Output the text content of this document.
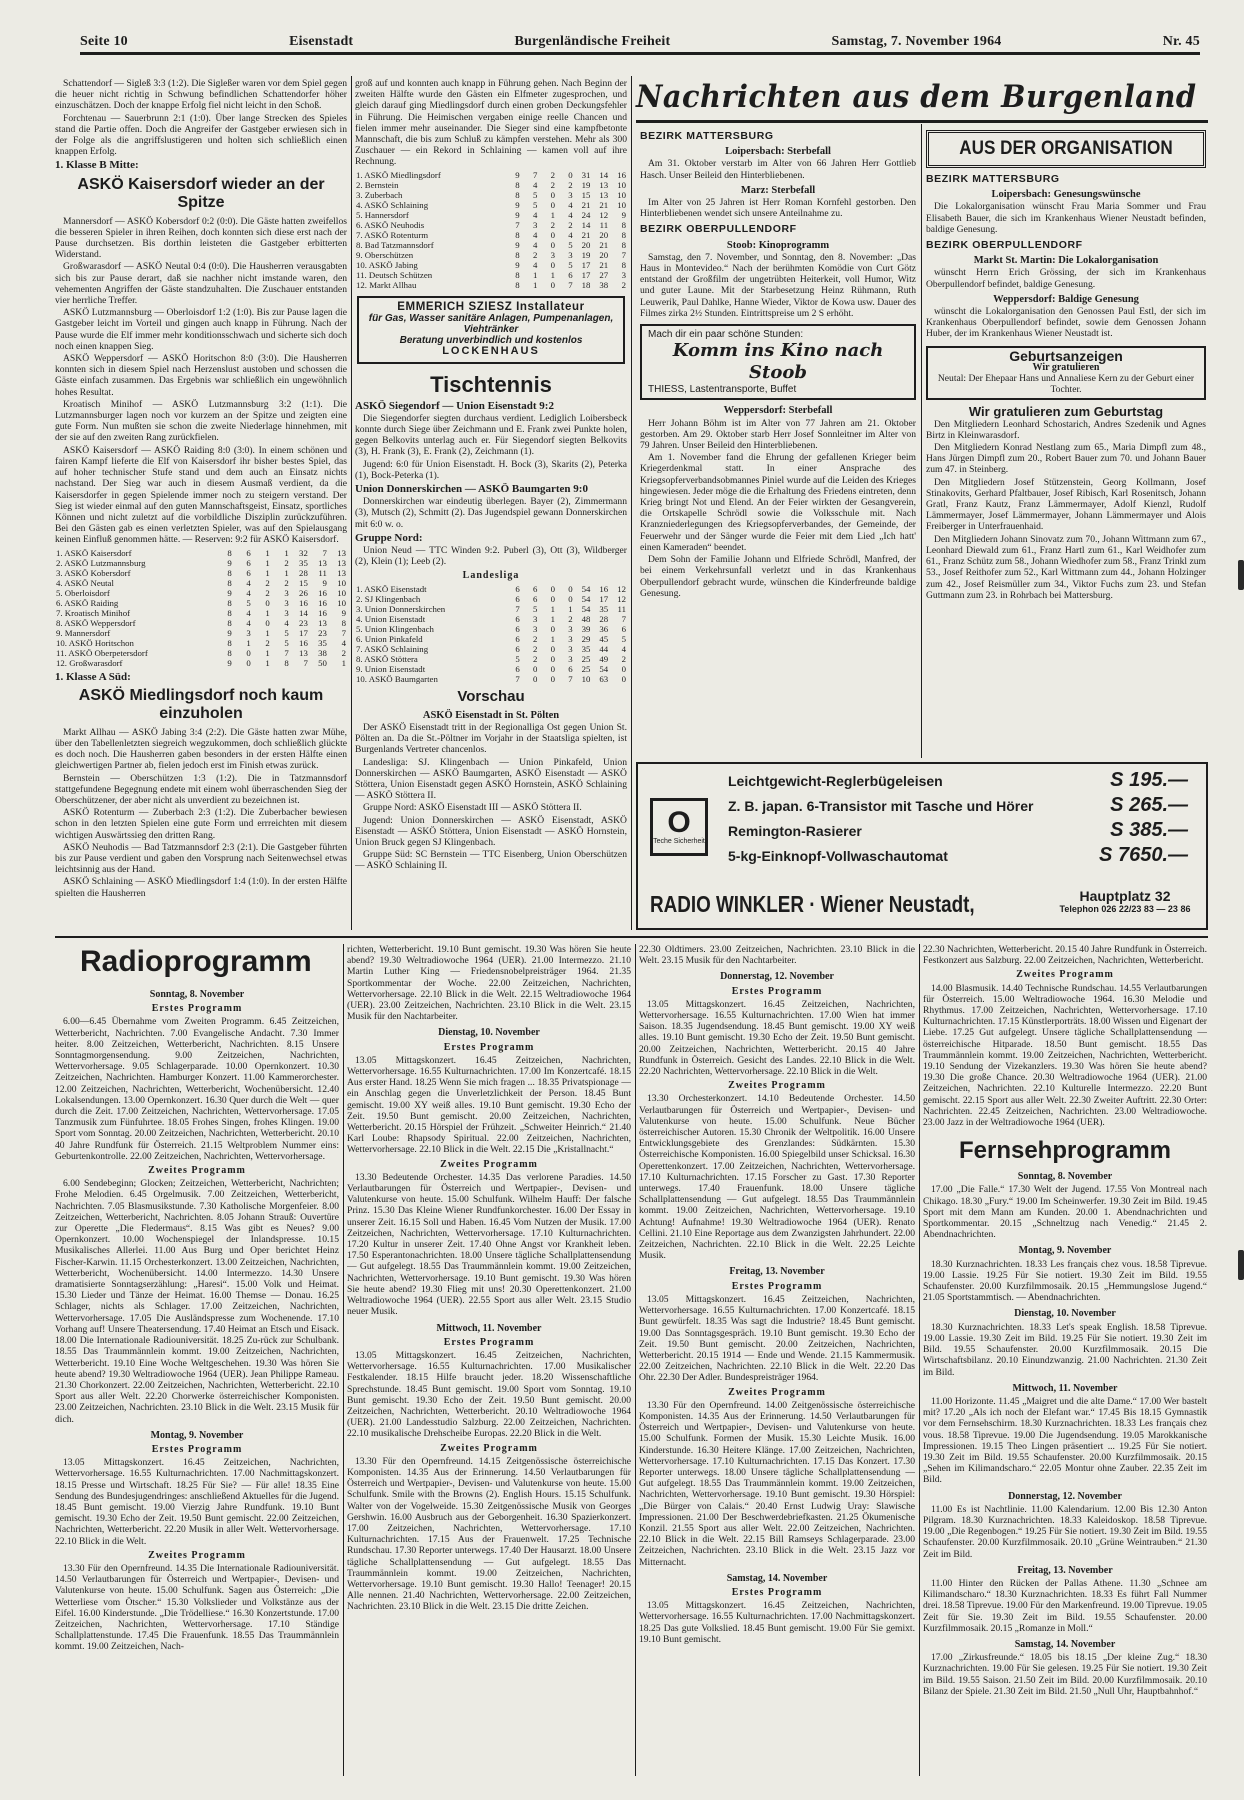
Seite 10	Eisenstadt	Burgenländische Freiheit	Samstag, 7. November 1964	Nr. 45

Schattendorf — Siglеß 3:3 (1:2). Die Sigleßer waren vor dem Spiel gegen die heuer nicht richtig in Schwung befindlichen Schattendorfer höher einzuschätzen. Doch der knappe Erfolg fiel nicht leicht in den Schoß.

Forchtenau — Sauerbrunn 2:1 (1:0). Über lange Strecken des Spieles stand die Partie offen. Doch die Angreifer der Gastgeber erwiesen sich in der Folge als die angriffslustigeren und holten sich schließlich einen knappen Erfolg.

1. Klasse B Mitte:
ASKÖ Kaisersdorf wieder an der Spitze

Mannersdorf — ASKÖ Kobersdorf 0:2 (0:0). Die Gäste hatten zweifellos die besseren Spieler in ihren Reihen, doch konnten sich diese erst nach der Pause durchsetzen. Bis dorthin leisteten die Gastgeber erbitterten Widerstand.

Großwarasdorf — ASKÖ Neutal 0:4 (0:0). Die Hausherren verausgabten sich bis zur Pause derart, daß sie nachher nicht imstande waren, den vehementen Angriffen der Gäste standzuhalten. Die Zuschauer entstanden vier herrliche Treffer.

ASKÖ Lutzmannsburg — Oberloisdorf 1:2 (1:0). Bis zur Pause lagen die Gastgeber leicht im Vorteil und gingen auch knapp in Führung. Nach der Pause wurde die Elf immer mehr konditionsschwach und sicherte sich doch noch einen knappen Sieg.

ASKÖ Weppersdorf — ASKÖ Horitschon 8:0 (3:0). Die Hausherren konnten sich in diesem Spiel nach Herzenslust austoben und schossen die Gäste einfach zusammen. Das Ergebnis war schließlich ein ungewöhnlich hohes Resultat.

Kroatisch Minihof — ASKÖ Lutzmannsburg 3:2 (1:1). Die Lutzmannsburger lagen noch vor kurzem an der Spitze und zeigten eine gute Form. Nun mußten sie schon die zweite Niederlage hinnehmen, mit der sie auf den zweiten Rang zurückfielen.

ASKÖ Kaisersdorf — ASKÖ Raiding 8:0 (3:0). In einem schönen und fairen Kampf lieferte die Elf von Kaisersdorf ihr bisher bestes Spiel, das auf hoher technischer Stufe stand und dem auch an Einsatz nichts nachstand. Der Sieg war auch in diesem Ausmaß verdient, da die Kaisersdorfer in gegen Spielende immer noch zu steigern verstand. Der Sieg ist wieder einmal auf den guten Mannschaftsgeist, Einsatz, sportliches Können und nicht zuletzt auf die vorbildliche Disziplin zurückzuführen. Bei den Gästen gab es einen verletzten Spieler, was auf den Spielausgang keinen Einfluß genommen hätte. — Reserven: 9:2 für ASKÖ Kaisersdorf.

1. ASKÖ Kaisersdorf	8	6	1	1	32	7	13
2. ASKÖ Lutzmannsburg	9	6	1	2	35	13	13
3. ASKÖ Kobersdorf	8	6	1	1	28	11	13
4. ASKÖ Neutal	8	4	2	2	15	9	10
5. Oberloisdorf	9	4	2	3	26	16	10
6. ASKÖ Raiding	8	5	0	3	16	16	10
7. Kroatisch Minihof	8	4	1	3	14	16	9
8. ASKÖ Weppersdorf	8	4	0	4	23	13	8
9. Mannersdorf	9	3	1	5	17	23	7
10. ASKÖ Horitschon	8	1	2	5	16	35	4
11. ASKÖ Oberpetersdorf	8	0	1	7	13	38	2
12. Großwarasdorf	9	0	1	8	7	50	1
1. Klasse A Süd:
ASKÖ Miedlingsdorf noch kaum einzuholen

Markt Allhau — ASKÖ Jabing 3:4 (2:2). Die Gäste hatten zwar Mühe, über den Tabellenletzten siegreich wegzukommen, doch schließlich glückte es doch noch. Die Hausherren gaben besonders in der ersten Hälfte einen gleichwertigen Partner ab, fielen jedoch erst im Finish etwas zurück.

Bernstein — Oberschützen 1:3 (1:2). Die in Tatzmannsdorf stattgefundene Begegnung endete mit einem wohl überraschenden Sieg der Oberschützener, der aber nicht als unverdient zu bezeichnen ist.

ASKÖ Rotenturm — Zuberbach 2:3 (1:2). Die Zuberbacher bewiesen schon in den letzten Spielen eine gute Form und errreichten mit diesem wichtigen Auswärtssieg den dritten Rang.

ASKÖ Neuhodis — Bad Tatzmannsdorf 2:3 (2:1). Die Gastgeber führten bis zur Pause verdient und gaben den Vorsprung nach Seitenwechsel etwas leichtsinnig aus der Hand.

ASKÖ Schlaining — ASKÖ Miedlingsdorf 1:4 (1:0). In der ersten Hälfte spielten die Hausherren

groß auf und konnten auch knapp in Führung gehen. Nach Beginn der zweiten Hälfte wurde den Gästen ein Elfmeter zugesprochen, und gleich darauf ging Miedlingsdorf durch einen groben Deckungsfehler in Führung. Die Heimischen vergaben einige reelle Chancen und fielen immer mehr auseinander. Die Sieger sind eine kampfbetonte Mannschaft, die bis zum Schluß zu kämpfen verstehen. Mehr als 300 Zuschauer — ein Rekord in Schlaining — kamen voll auf ihre Rechnung.

1. ASKÖ Miedlingsdorf	9	7	2	0	31	14	16
2. Bernstein	8	4	2	2	19	13	10
3. Zuberbach	8	5	0	3	15	13	10
4. ASKÖ Schlaining	9	5	0	4	21	21	10
5. Hannersdorf	9	4	1	4	24	12	9
6. ASKÖ Neuhodis	7	3	2	2	14	11	8
7. ASKÖ Rotenturm	8	4	0	4	21	20	8
8. Bad Tatzmannsdorf	9	4	0	5	20	21	8
9. Oberschützen	8	2	3	3	19	20	7
10. ASKÖ Jabing	9	4	0	5	17	21	8
11. Deutsch Schützen	8	1	1	6	17	27	3
12. Markt Allhau	8	1	0	7	18	38	2
EMMERICH SZIESZ Installateur
für Gas, Wasser sanitäre Anlagen, Pumpenanlagen, Viehtränker
Beratung unverbindlich und kostenlos
LOCKENHAUS
Tischtennis
ASKÖ Siegendorf — Union Eisenstadt 9:2

Die Siegendorfer siegten durchaus verdient. Lediglich Loibersbeck konnte durch Siege über Zeichmann und E. Frank zwei Punkte holen, gegen Belkovits unterlag auch er. Für Siegendorf siegten Belkovits (3), H. Frank (3), E. Frank (2), Zeichmann (1).

Jugend: 6:0 für Union Eisenstadt. H. Bock (3), Skarits (2), Peterka (1), Bock-Peterka (1).

Union Donnerskirchen — ASKÖ Baumgarten 9:0

Donnerskirchen war eindeutig überlegen. Bayer (2), Zimmermann (3), Mutsch (2), Schmitt (2). Das Jugendspiel gewann Donnerskirchen mit 6:0 w. o.

Gruppe Nord:

Union Neud — TTC Winden 9:2. Puberl (3), Ott (3), Wildberger (2), Klein (1); Leeb (2).

Landesliga
1. ASKÖ Eisenstadt	6	6	0	0	54	16	12
2. SJ Klingenbach	6	6	0	0	54	17	12
3. Union Donnerskirchen	7	5	1	1	54	35	11
4. Union Eisenstadt	6	3	1	2	48	28	7
5. Union Klingenbach	6	3	0	3	39	36	6
6. Union Pinkafeld	6	2	1	3	29	45	5
7. ASKÖ Schlaining	6	2	0	3	35	44	4
8. ASKÖ Stöttera	5	2	0	3	25	49	2
9. Union Eisenstadt	6	0	0	6	25	54	0
10. ASKÖ Baumgarten	7	0	0	7	10	63	0
Vorschau
ASKÖ Eisenstadt in St. Pölten

Der ASKÖ Eisenstadt tritt in der Regionalliga Ost gegen Union St. Pölten an. Da die St.-Pöltner im Vorjahr in der Staatsliga spielten, ist Burgenlands Vertreter chancenlos.

Landesliga: SJ. Klingenbach — Union Pinkafeld, Union Donnerskirchen — ASKÖ Baumgarten, ASKÖ Eisenstadt — ASKÖ Stöttera, Union Eisenstadt gegen ASKÖ Hornstein, ASKÖ Schlaining — ASKÖ Stöttera II.

Gruppe Nord: ASKÖ Eisenstadt III — ASKÖ Stöttera II.

Jugend: Union Donnerskirchen — ASKÖ Eisenstadt, ASKÖ Eisenstadt — ASKÖ Stöttera, Union Eisenstadt — ASKÖ Hornstein, Union Bruck gegen SJ Klingenbach.

Gruppe Süd: SC Bernstein — TTC Eisenberg, Union Oberschützen — ASKÖ Schlaining II.

Nachrichten aus dem Burgenland
BEZIRK MATTERSBURG
Loipersbach: Sterbefall

Am 31. Oktober verstarb im Alter von 66 Jahren Herr Gottlieb Hasch. Unser Beileid den Hinterbliebenen.

Marz: Sterbefall

Im Alter von 25 Jahren ist Herr Roman Kornfehl gestorben. Den Hinterbliebenen wendet sich unsere Anteilnahme zu.

BEZIRK OBERPULLENDORF
Stoob: Kinoprogramm

Samstag, den 7. November, und Sonntag, den 8. November: „Das Haus in Montevideo.“ Nach der berühmten Komödie von Curt Götz entstand der Großfilm der ungetrübten Heiterkeit, voll Humor, Witz und guter Laune. Mit der Starbesetzung Heinz Rühmann, Ruth Leuwerik, Paul Dahlke, Hanne Wieder, Viktor de Kowa usw. Dauer des Filmes zirka 2½ Stunden. Eintrittspreise um 2 S erhöht.

Mach dir ein paar schöne Stunden:
Komm ins Kino nach Stoob
THIESS, Lastentransporte, Buffet
Weppersdorf: Sterbefall

Herr Johann Böhm ist im Alter von 77 Jahren am 21. Oktober gestorben. Am 29. Oktober starb Herr Josef Sonnleitner im Alter von 79 Jahren. Unser Beileid den Hinterbliebenen.

Am 1. November fand die Ehrung der gefallenen Krieger beim Kriegerdenkmal statt. In einer Ansprache des Kriegsopferverbandsobmannes Piniel wurde auf die Leiden des Krieges hingewiesen. Jeder möge die die Erhaltung des Friedens eintreten, denn Krieg bringt Not und Elend. An der Feier wirkten der Gesangverein, die Ortskapelle Schrödl sowie die Volksschule mit. Nach Kranzniederlegungen des Kriegsopferverbandes, der Gemeinde, der Feuerwehr und der Sänger wurde die Feier mit dem Lied „Ich hatt' einen Kameraden“ beendet.

Dem Sohn der Familie Johann und Elfriede Schrödl, Manfred, der bei einem Verkehrsunfall verletzt und in das Krankenhaus Oberpullendorf gebracht wurde, wünschen die Kinderfreunde baldige Genesung.

AUS DER ORGANISATION
BEZIRK MATTERSBURG
Loipersbach: Genesungswünsche

Die Lokalorganisation wünscht Frau Maria Sommer und Frau Elisabeth Bauer, die sich im Krankenhaus Wiener Neustadt befinden, baldige Genesung.

BEZIRK OBERPULLENDORF
Markt St. Martin: Die Lokalorganisation

wünscht Herrn Erich Grössing, der sich im Krankenhaus Oberpullendorf befindet, baldige Genesung.

Weppersdorf: Baldige Genesung

wünscht die Lokalorganisation den Genossen Paul Estl, der sich im Krankenhaus Oberpullendorf befindet, sowie dem Genossen Johann Huber, der im Krankenhaus Wiener Neustadt ist.

Geburtsanzeigen
Wir gratulieren
Neutal: Der Ehepaar Hans und Annaliese Kern zu der Geburt einer Tochter.
Wir gratulieren zum Geburtstag

Den Mitgliedern Leonhard Schostarich, Andres Szedenik und Agnes Birtz in Kleinwarasdorf.

Den Mitgliedern Konrad Nestlang zum 65., Maria Dimpfl zum 48., Hans Jürgen Dimpfl zum 20., Robert Bauer zum 70. und Johann Bauer zum 47. in Steinberg.

Den Mitgliedern Josef Stützenstein, Georg Kollmann, Josef Stinakovits, Gerhard Pfaltbauer, Josef Ribisch, Karl Rosenitsch, Johann Gratl, Franz Kautz, Franz Lämmermayer, Adolf Kienzl, Rudolf Lämmermayer, Josef Lämmermayer, Johann Lämmermayer und Alois Freiberger in Unterfrauenhaid.

Den Mitgliedern Johann Sinovatz zum 70., Johann Wittmann zum 67., Leonhard Diewald zum 61., Franz Hartl zum 61., Karl Weidhofer zum 61., Franz Schütz zum 58., Johann Wiedhofer zum 58., Franz Trinkl zum 53., Josef Reithofer zum 52., Karl Wittmann zum 44., Johann Holzinger zum 42., Josef Reismüller zum 34., Viktor Fuchs zum 23. und Stefan Guttmann zum 23. in Rohrbach bei Mattersburg.

O
Teche Sicherheit
Leichtgewicht-Reglerbügeleisen	S 195.—
Z. B. japan. 6-Transistor mit Tasche und Hörer	S 265.—
Remington-Rasierer	S 385.—
5-kg-Einknopf-Vollwaschautomat	S 7650.—
RADIO WINKLER · Wiener Neustadt,	Hauptplatz 32
Telephon 026 22/23 83 — 23 86
Radioprogramm
Sonntag, 8. November
Erstes Programm

6.00—6.45 Übernahme vom Zweiten Programm. 6.45 Zeitzeichen, Wetterbericht, Nachrichten. 7.00 Evangelische Andacht. 7.30 Immer heiter. 8.00 Zeitzeichen, Wetterbericht, Nachrichten. 8.15 Unsere Sonntagmorgensendung. 9.00 Zeitzeichen, Nachrichten, Wettervorhersage. 9.05 Schlagerparade. 10.00 Opernkonzert. 10.30 Zeitzeichen, Nachrichten. Hamburger Konzert. 11.00 Kammerorchester. 12.00 Zeitzeichen, Nachrichten, Wetterbericht, Wochenübersicht. 12.40 Lokalsendungen. 13.00 Opernkonzert. 16.30 Quer durch die Welt — quer durch die Zeit. 17.00 Zeitzeichen, Nachrichten, Wettervorhersage. 17.05 Tanzmusik zum Fünfuhrtee. 18.05 Frohes Singen, frohes Klingen. 19.00 Sport vom Sonntag. 20.00 Zeitzeichen, Nachrichten, Wetterbericht. 20.10 40 Jahre Rundfunk für Österreich. 21.15 Weltproblem Nummer eins: Geburtenkontrolle. 22.00 Zeitzeichen, Nachrichten, Wettervorhersage.

Zweites Programm

6.00 Sendebeginn; Glocken; Zeitzeichen, Wetterbericht, Nachrichten; Frohe Melodien. 6.45 Orgelmusik. 7.00 Zeitzeichen, Wetterbericht, Nachrichten. 7.05 Blasmusikstunde. 7.30 Katholische Morgenfeier. 8.00 Zeitzeichen, Wetterbericht, Nachrichten. 8.05 Johann Strauß: Ouvertüre zur Operette „Die Fledermaus“. 8.15 Was gibt es Neues? 9.00 Opernkonzert. 10.00 Wochenspiegel der Inlandspresse. 10.15 Musikalisches Allerlei. 11.00 Aus Burg und Oper berichtet Heinz Fischer-Karwin. 11.15 Orchesterkonzert. 13.00 Zeitzeichen, Nachrichten, Wetterbericht, Wochenübersicht. 14.00 Intermezzo. 14.30 Unsere dramatisierte Sonntagserzählung: „Haresi“. 15.00 Volk und Heimat. 15.30 Lieder und Tänze der Heimat. 16.00 Themse — Donau. 16.25 Schlager, nichts als Schlager. 17.00 Zeitzeichen, Nachrichten, Wettervorhersage. 17.05 Die Ausländspresse zum Wochenende. 17.10 Vorhang auf! Unsere Theatersendung. 17.40 Heimat an Etsch und Eisack. 18.00 Die Internationale Radiouniversität. 18.25 Zu-rück zur Schulbank. 18.55 Das Traummännlein kommt. 19.00 Zeitzeichen, Nachrichten, Wetterbericht. 19.10 Eine Woche Weltgeschehen. 19.30 Was hören Sie heute abend? 19.30 Weltradiowoche 1964 (UER). Jean Philippe Rameau. 21.30 Chorkonzert. 22.00 Zeitzeichen, Nachrichten, Wetterbericht. 22.10 Sport aus aller Welt. 22.20 Chorwerke österreichischer Komponisten. 23.00 Zeitzeichen, Nachrichten. 23.10 Blick in die Welt. 23.15 Musik für dich.

Montag, 9. November
Erstes Programm

13.05 Mittagskonzert. 16.45 Zeitzeichen, Nachrichten, Wettervorhersage. 16.55 Kulturnachrichten. 17.00 Nachmittagskonzert. 18.15 Presse und Wirtschaft. 18.25 Für Sie? — Für alle! 18.35 Eine Sendung des Bundesjugendringes: anschließend Aktuelles für die Jugend. 18.45 Bunt gemischt. 19.00 Vierzig Jahre Rundfunk. 19.10 Bunt gemischt. 19.30 Echo der Zeit. 19.50 Bunt gemischt. 22.00 Zeitzeichen, Nachrichten, Wetterbericht. 22.20 Musik in aller Welt. Wettervorhersage. 22.10 Blick in die Welt.

Zweites Programm

13.30 Für den Opernfreund. 14.35 Die Internationale Radiouniversität. 14.50 Verlautbarungen für Österreich und Wertpapier-, Devisen- und Valutenkurse von heute. 15.00 Schulfunk. Sagen aus Österreich: „Die Wetterliese vom Ötscher.“ 15.30 Volkslieder und Volkstänze aus der Eifel. 16.00 Kinderstunde. „Die Trödelliese.“ 16.30 Konzertstunde. 17.00 Zeitzeichen, Nachrichten, Wettervorhersage. 17.10 Ständige Schallplattenstunde. 17.45 Die Frauenfunk. 18.55 Das Traummännlein kommt. 19.00 Zeitzeichen, Nach-

richten, Wetterbericht. 19.10 Bunt gemischt. 19.30 Was hören Sie heute abend? 19.30 Weltradiowoche 1964 (UER). 21.00 Intermezzo. 21.10 Martin Luther King — Friedensnobelpreisträger 1964. 21.35 Sportkommentar der Woche. 22.00 Zeitzeichen, Nachrichten, Wettervorhersage. 22.10 Blick in die Welt. 22.15 Weltradiowoche 1964 (UER). 23.00 Zeitzeichen, Nachrichten. 23.10 Blick in die Welt. 23.15 Musik für den Nachtarbeiter.

Dienstag, 10. November
Erstes Programm

13.05 Mittagskonzert. 16.45 Zeitzeichen, Nachrichten, Wettervorhersage. 16.55 Kulturnachrichten. 17.00 Im Konzertcafé. 18.15 Aus erster Hand. 18.25 Wenn Sie mich fragen ... 18.35 Privatspionage — ein Anschlag gegen die Unverletzlichkeit der Person. 18.45 Bunt gemischt. 19.00 XY weiß alles. 19.10 Bunt gemischt. 19.30 Echo der Zeit. 19.50 Bunt gemischt. 20.00 Zeitzeichen, Nachrichten, Wetterbericht. 20.15 Hörspiel der Frühzeit. „Schweiter Heinrich.“ 21.40 Karl Loube: Rhapsody Spiritual. 22.00 Zeitzeichen, Nachrichten, Wettervorhersage. 22.10 Blick in die Welt. 22.15 Die „Kristallnacht.“

Zweites Programm

13.30 Bedeutende Orchester. 14.35 Das verlorene Paradies. 14.50 Verlautbarungen für Österreich und Wertpapier-, Devisen- und Valutenkurse von heute. 15.00 Schulfunk. Wilhelm Hauff: Der falsche Prinz. 15.30 Das Kleine Wiener Rundfunkorchester. 16.00 Der Essay in unserer Zeit. 16.15 Soll und Haben. 16.45 Vom Nutzen der Musik. 17.00 Zeitzeichen, Nachrichten, Wettervorhersage. 17.10 Kulturnachrichten. 17.20 Kultur in unserer Zeit. 17.40 Ohne Angst vor Krankheit leben. 17.50 Esperantonachrichten. 18.00 Unsere tägliche Schallplattensendung — Gut aufgelegt. 18.55 Das Traummännlein kommt. 19.00 Zeitzeichen, Nachrichten, Wettervorhersage. 19.10 Bunt gemischt. 19.30 Was hören Sie heute abend? 19.30 Flieg mit uns! 20.30 Operettenkonzert. 21.00 Weltradiowoche 1964 (UER). 22.55 Sport aus aller Welt. 23.15 Studio neuer Musik.

Mittwoch, 11. November
Erstes Programm

13.05 Mittagskonzert. 16.45 Zeitzeichen, Nachrichten, Wettervorhersage. 16.55 Kulturnachrichten. 17.00 Musikalischer Festkalender. 18.15 Hilfe braucht jeder. 18.20 Wissenschaftliche Sprechstunde. 18.45 Bunt gemischt. 19.00 Sport vom Sonntag. 19.10 Bunt gemischt. 19.30 Echo der Zeit. 19.50 Bunt gemischt. 20.00 Zeitzeichen, Nachrichten, Wetterbericht. 20.10 Weltradiowoche 1964 (UER). 21.00 Landesstudio Salzburg. 22.00 Zeitzeichen, Nachrichten. 22.10 musikalische Drehscheibe Europas. 22.20 Blick in die Welt.

Zweites Programm

13.30 Für den Opernfreund. 14.15 Zeitgenössische österreichische Komponisten. 14.35 Aus der Erinnerung. 14.50 Verlautbarungen für Österreich und Wertpapier-, Devisen- und Valutenkurse von heute. 15.00 Schulfunk. Smile with the Browns (2). English Hours. 15.15 Schulfunk. Walter von der Vogelweide. 15.30 Zeitgenössische Musik von Georges Gershwin. 16.00 Ausbruch aus der Geborgenheit. 16.30 Spazierkonzert. 17.00 Zeitzeichen, Nachrichten, Wettervorhersage. 17.10 Kulturnachrichten. 17.15 Aus der Frauenwelt. 17.25 Technische Rundschau. 17.30 Reporter unterwegs. 17.40 Der Hausarzt. 18.00 Unsere tägliche Schallplattensendung — Gut aufgelegt. 18.55 Das Traummännlein kommt. 19.00 Zeitzeichen, Nachrichten, Wettervorhersage. 19.10 Bunt gemischt. 19.30 Hallo! Teenager! 20.15 Alle nennen. 21.40 Nachrichten, Wettervorhersage. 22.00 Zeitzeichen, Nachrichten. 23.10 Blick in die Welt. 23.15 Die dritte Zeichen.

22.30 Oldtimers. 23.00 Zeitzeichen, Nachrichten. 23.10 Blick in die Welt. 23.15 Musik für den Nachtarbeiter.

Donnerstag, 12. November
Erstes Programm

13.05 Mittagskonzert. 16.45 Zeitzeichen, Nachrichten, Wettervorhersage. 16.55 Kulturnachrichten. 17.00 Wien hat immer Saison. 18.35 Jugendsendung. 18.45 Bunt gemischt. 19.00 XY weiß alles. 19.10 Bunt gemischt. 19.30 Echo der Zeit. 19.50 Bunt gemischt. 20.00 Zeitzeichen, Nachrichten, Wetterbericht. 20.15 40 Jahre Rundfunk in Österreich. Gesicht des Landes. 22.10 Blick in die Welt. 22.20 Nachrichten, Wettervorhersage. 22.10 Blick in die Welt.

Zweites Programm

13.30 Orchesterkonzert. 14.10 Bedeutende Orchester. 14.50 Verlautbarungen für Österreich und Wertpapier-, Devisen- und Valutenkurse von heute. 15.00 Schulfunk. Neue Bücher österreichischer Autoren. 15.30 Chronik der Weltpolitik. 16.00 Unsere Entwicklungsgebiete des Grenzlandes: Südkärnten. 15.30 Österreichische Komponisten. 16.00 Spiegelbild unser Schicksal. 16.30 Operettenkonzert. 17.00 Zeitzeichen, Nachrichten, Wettervorhersage. 17.10 Kulturnachrichten. 17.15 Forscher zu Gast. 17.30 Reporter unterwegs. 17.40 Frauenfunk. 18.00 Unsere tägliche Schallplattensendung — Gut aufgelegt. 18.55 Das Traummännlein kommt. 19.00 Zeitzeichen, Nachrichten, Wettervorhersage. 19.10 Achtung! Aufnahme! 19.30 Weltradiowoche 1964 (UER). Renato Cellini. 21.10 Eine Reportage aus dem Zwanzigsten Jahrhundert. 22.00 Zeitzeichen, Nachrichten. 22.10 Blick in die Welt. 22.25 Leichte Musik.

Freitag, 13. November
Erstes Programm

13.05 Mittagskonzert. 16.45 Zeitzeichen, Nachrichten, Wettervorhersage. 16.55 Kulturnachrichten. 17.00 Konzertcafé. 18.15 Bunt gewürfelt. 18.35 Was sagt die Industrie? 18.45 Bunt gemischt. 19.00 Das Sonntagsgespräch. 19.10 Bunt gemischt. 19.30 Echo der Zeit. 19.50 Bunt gemischt. 20.00 Zeitzeichen, Nachrichten, Wetterbericht. 20.15 1914 — Ende und Wende. 21.15 Kammermusik. 22.00 Zeitzeichen, Nachrichten. 22.10 Blick in die Welt. 22.20 Das Ohr. 22.30 Der Adler. Bundespreisträger 1964.

Zweites Programm

13.30 Für den Opernfreund. 14.00 Zeitgenössische österreichische Komponisten. 14.35 Aus der Erinnerung. 14.50 Verlautbarungen für Österreich und Wertpapier-, Devisen- und Valutenkurse von heute. 15.00 Schulfunk. Formen der Musik. 15.30 Leichte Musik. 16.00 Kinderstunde. 16.30 Heitere Klänge. 17.00 Zeitzeichen, Nachrichten, Wettervorhersage. 17.10 Kulturnachrichten. 17.15 Das Konzert. 17.30 Reporter unterwegs. 18.00 Unsere tägliche Schallplattensendung — Gut aufgelegt. 18.55 Das Traummännlein kommt. 19.00 Zeitzeichen, Nachrichten, Wettervorhersage. 19.10 Bunt gemischt. 19.30 Hörspiel: „Die Bürger von Calais.“ 20.40 Ernst Ludwig Uray: Slawische Impressionen. 21.00 Der Beschwerdebriefkasten. 21.25 Ökumenische Konzil. 21.55 Sport aus aller Welt. 22.00 Zeitzeichen, Nachrichten. 22.10 Blick in die Welt. 22.15 Bill Ramseys Schlagerparade. 23.00 Zeitzeichen, Nachrichten. 23.10 Blick in die Welt. 23.15 Jazz vor Mitternacht.

Samstag, 14. November
Erstes Programm

13.05 Mittagskonzert. 16.45 Zeitzeichen, Nachrichten, Wettervorhersage. 16.55 Kulturnachrichten. 17.00 Nachmittagskonzert. 18.25 Das gute Volkslied. 18.45 Bunt gemischt. 19.00 Für Sie gemixt. 19.10 Bunt gemischt.

22.30 Nachrichten, Wetterbericht. 20.15 40 Jahre Rundfunk in Österreich. Festkonzert aus Salzburg. 22.00 Zeitzeichen, Nachrichten, Wetterbericht.

Zweites Programm

14.00 Blasmusik. 14.40 Technische Rundschau. 14.55 Verlautbarungen für Österreich. 15.00 Weltradiowoche 1964. 16.30 Melodie und Rhythmus. 17.00 Zeitzeichen, Nachrichten, Wettervorhersage. 17.10 Kulturnachrichten. 17.15 Künstlerporträts. 18.00 Wissen und Eigenart der Liebe. 17.25 Gut aufgelegt. Unsere tägliche Schallplattensendung — österreichische Hitparade. 18.50 Bunt gemischt. 18.55 Das Traummännlein kommt. 19.00 Zeitzeichen, Nachrichten, Wetterbericht. 19.10 Sendung der Vizekanzlers. 19.30 Was hören Sie heute abend? 19.30 Die große Chance. 20.30 Weltradiowoche 1964 (UER). 21.00 Zeitzeichen, Nachrichten. 22.10 Kulturelle Intermezzo. 22.20 Bunt gemischt. 22.15 Sport aus aller Welt. 22.30 Zweiter Auftritt. 22.30 Orter: Nachrichten. 22.45 Zeitzeichen, Nachrichten. 23.00 Weltradiowoche. 23.00 Jazz in der Weltradiowoche 1964 (UER).

Fernsehprogramm
Sonntag, 8. November

17.00 „Die Falle.“ 17.30 Welt der Jugend. 17.55 Von Montreal nach Chikago. 18.30 „Fury.“ 19.00 Im Scheinwerfer. 19.30 Zeit im Bild. 19.45 Sport mit dem Mann am Kunden. 20.00 1. Abendnachrichten und Sportkommentar. 20.15 „Schneltzug nach Venedig.“ 21.45 2. Abendnachrichten.

Montag, 9. November

18.30 Kurznachrichten. 18.33 Les français chez vous. 18.58 Tiprevue. 19.00 Lassie. 19.25 Für Sie notiert. 19.30 Zeit im Bild. 19.55 Schaufenster. 20.00 Kurzfilmmosaik. 20.15 „Hemmungslose Jugend.“ 21.05 Sportstammtisch. — Abendnachrichten.

Dienstag, 10. November

18.30 Kurznachrichten. 18.33 Let's speak English. 18.58 Tiprevue. 19.00 Lassie. 19.30 Zeit im Bild. 19.25 Für Sie notiert. 19.30 Zeit im Bild. 19.55 Schaufenster. 20.00 Kurzfilmmosaik. 20.15 Die Wirtschaftsbilanz. 20.10 Einundzwanzig. 21.00 Nachrichten. 21.30 Zeit im Bild.

Mittwoch, 11. November

11.00 Horizonte. 11.45 „Maigret und die alte Dame.“ 17.00 Wer bastelt mit? 17.20 „Als ich noch der Elefant war.“ 17.45 Bis 18.15 Gymnastik vor dem Fernsehschirm. 18.30 Kurznachrichten. 18.33 Les français chez vous. 18.58 Tiprevue. 19.00 Die Jugendsendung. 19.05 Marokkanische Impressionen. 19.15 Theo Lingen präsentiert ... 19.25 Für Sie notiert. 19.30 Zeit im Bild. 19.55 Schaufenster. 20.00 Kurzfilmmosaik. 20.15 „Sehen im Kilimandscharo.“ 22.05 Montur ohne Zauber. 22.35 Zeit im Bild.

Donnerstag, 12. November

11.00 Es ist Nachtlinie. 11.00 Kalendarium. 12.00 Bis 12.30 Anton Pilgram. 18.30 Kurznachrichten. 18.33 Kaleidoskop. 18.58 Tiprevue. 19.00 „Die Regenbogen.“ 19.25 Für Sie notiert. 19.30 Zeit im Bild. 19.55 Schaufenster. 20.00 Kurzfilmmosaik. 20.10 „Grüne Weintrauben.“ 21.30 Zeit im Bild.

Freitag, 13. November

11.00 Hinter den Rücken der Pallas Athene. 11.30 „Schnee am Kilimandscharo.“ 18.30 Kurznachrichten. 18.33 Es führt Fall Nummer drei. 18.58 Tiprevue. 19.00 Für den Markenfreund. 19.00 Tiprevue. 19.05 Zeit für Sie. 19.30 Zeit im Bild. 19.55 Schaufenster. 20.00 Kurzfilmmosaik. 20.15 „Romanze in Moll.“

Samstag, 14. November

17.00 „Zirkusfreunde.“ 18.05 bis 18.15 „Der kleine Zug.“ 18.30 Kurznachrichten. 19.00 Für Sie gelesen. 19.25 Für Sie notiert. 19.30 Zeit im Bild. 19.55 Saison. 21.50 Zeit im Bild. 20.00 Kurzfilmmosaik. 20.10 Bilanz der Spiele. 21.30 Zeit im Bild. 21.50 „Null Uhr, Hauptbahnhof.“
